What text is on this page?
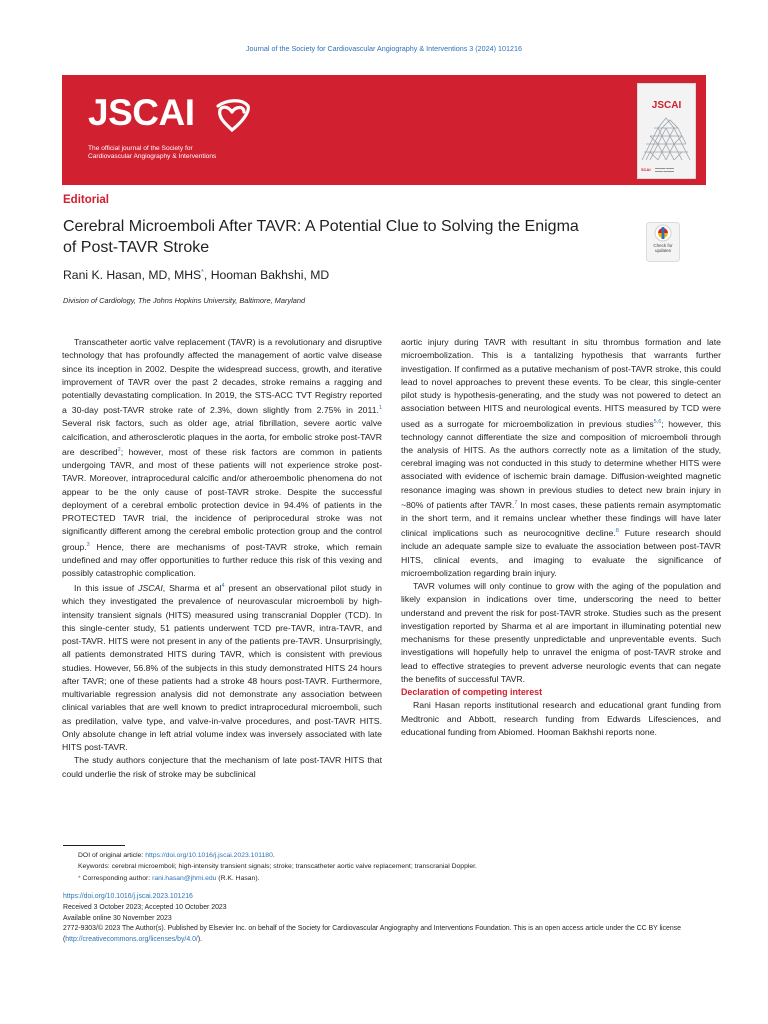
Journal of the Society for Cardiovascular Angiography & Interventions 3 (2024) 101216
JSCAI
The official journal of the Society for
Cardiovascular Angiography & Interventions
JSCAI
SCAI ▬▬▬▬ ▬▬▬
▬▬▬ ▬▬▬▬
Editorial
Cerebral Microemboli After TAVR: A Potential Clue to Solving the Enigma
of Post-TAVR Stroke	Check for
updates
Rani K. Hasan, MD, MHS*, Hooman Bakhshi, MD
Division of Cardiology, The Johns Hopkins University, Baltimore, Maryland

Transcatheter aortic valve replacement (TAVR) is a revolutionary and disruptive technology that has profoundly affected the management of aortic valve disease since its inception in 2002. Despite the widespread success, growth, and iterative improvement of TAVR over the past 2 decades, stroke remains a ragging and potentially devastating complication. In 2019, the STS-ACC TVT Registry reported a 30-day post-TAVR stroke rate of 2.3%, down slightly from 2.75% in 2011.$^1$ Several risk factors, such as older age, atrial fibrillation, severe aortic valve calcification, and atherosclerotic plaques in the aorta, for embolic stroke post-TAVR are described$^2$; however, most of these risk factors are common in patients undergoing TAVR, and most of these patients will not experience stroke post-TAVR. Moreover, intraprocedural calcific and/or atheroembolic phenomena do not appear to be the only cause of post-TAVR stroke. Despite the successful deployment of a cerebral embolic protection device in 94.4% of patients in the PROTECTED TAVR trial, the incidence of periprocedural stroke was not significantly different among the cerebral embolic protection group and the control group.$^3$ Hence, there are mechanisms of post-TAVR stroke, which remain undefined and may offer opportunities to further reduce this risk of this vexing and possibly catastrophic complication.

In this issue of JSCAI, Sharma et $al^4$ present an observational pilot study in which they investigated the prevalence of neurovascular microemboli by high-intensity transient signals (HITS) measured using transcranial Doppler (TCD). In this single-center study, 51 patients underwent TCD pre-TAVR, intra-TAVR, and post-TAVR. HITS were not present in any of the patients pre-TAVR. Unsurprisingly, all patients demonstrated HITS during TAVR, which is consistent with previous studies. However, 56.8% of the subjects in this study demonstrated HITS 24 hours after TAVR; one of these patients had a stroke 48 hours post-TAVR. Furthermore, multivariable regression analysis did not demonstrate any association between clinical variables that are well known to predict intraprocedural microemboli, such as predilation, valve type, and valve-in-valve procedures, and post-TAVR HITS. Only absolute change in left atrial volume index was inversely associated with late HITS post-TAVR.

The study authors conjecture that the mechanism of late post-TAVR HITS that could underlie the risk of stroke may be subclinical

aortic injury during TAVR with resultant in situ thrombus formation and late microembolization. This is a tantalizing hypothesis that warrants further investigation. If confirmed as a putative mechanism of post-TAVR stroke, this could lead to novel approaches to prevent these events. To be clear, this single-center pilot study is hypothesis-generating, and the study was not powered to detect an association between HITS and neurological events. HITS measured by TCD were used as a surrogate for microembolization in previous studies$^{5,6}$; however, this technology cannot differentiate the size and composition of microemboli through the analysis of HITS. As the authors correctly note as a limitation of the study, cerebral imaging was not conducted in this study to determine whether HITS were associated with evidence of ischemic brain damage. Diffusion-weighted magnetic resonance imaging was shown in previous studies to detect new brain injury in ~80% of patients after TAVR.$^7$ In most cases, these patients remain asymptomatic in the short term, and it remains unclear whether these findings will have later clinical implications such as neurocognitive decline.$^8$ Future research should include an adequate sample size to evaluate the association between post-TAVR HITS, clinical events, and imaging to evaluate the significance of microembolization regarding brain injury.

TAVR volumes will only continue to grow with the aging of the population and likely expansion in indications over time, underscoring the need to better understand and prevent the risk for post-TAVR stroke. Studies such as the present investigation reported by Sharma et al are important in illuminating potential new mechanisms for these presently unpredictable and unpreventable events. Such investigations will hopefully help to unravel the enigma of post-TAVR stroke and lead to effective strategies to prevent adverse neurologic events that can negate the benefits of successful TAVR.

Declaration of competing interest

Rani Hasan reports institutional research and educational grant funding from Medtronic and Abbott, research funding from Edwards Lifesciences, and educational funding from Abiomed. Hooman Bakhshi reports none.

DOI of original article: https://doi.org/10.1016/j.jscai.2023.101180.
Keywords: cerebral microemboli; high-intensity transient signals; stroke; transcatheter aortic valve replacement; transcranial Doppler.
* Corresponding author: rani.hasan@jhmi.edu (R.K. Hasan).
https://doi.org/10.1016/j.jscai.2023.101216
Received 3 October 2023; Accepted 10 October 2023
Available online 30 November 2023
2772-9303/© 2023 The Author(s). Published by Elsevier Inc. on behalf of the Society for Cardiovascular Angiography and Interventions Foundation. This is an open access article under the CC BY license (http://creativecommons.org/licenses/by/4.0/).
